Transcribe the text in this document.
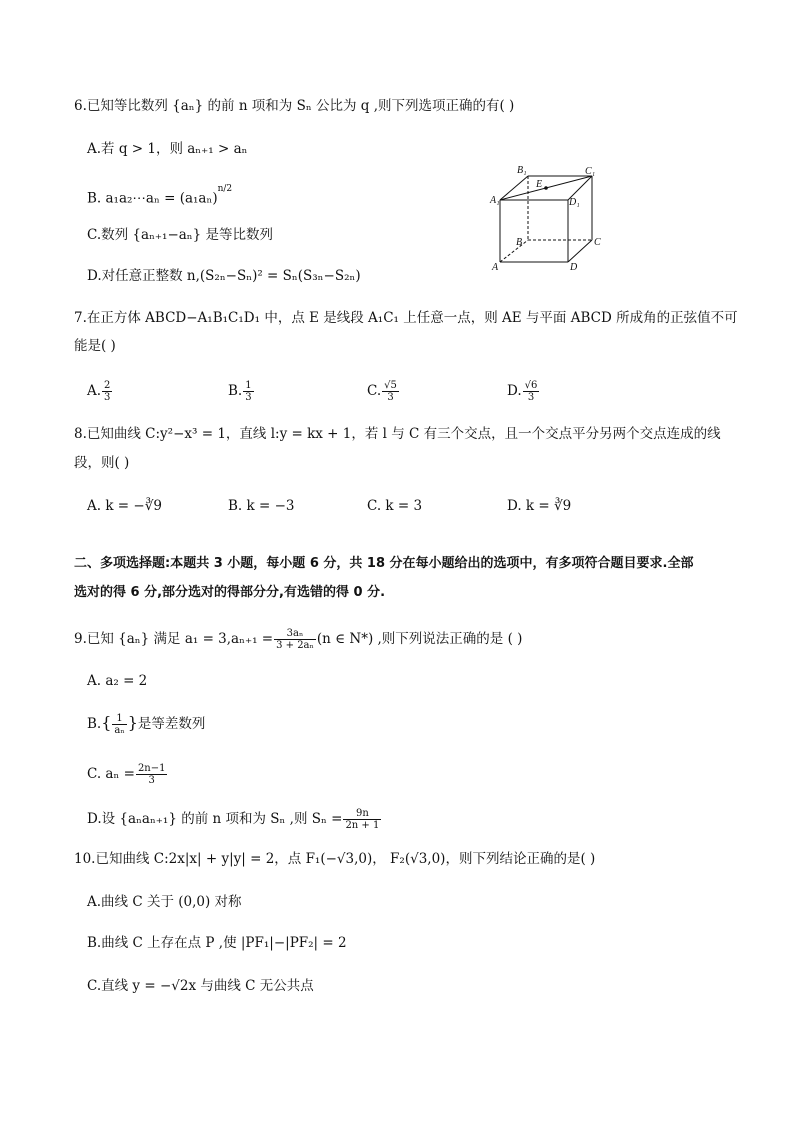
6.已知等比数列 {aₙ} 的前 n 项和为 Sₙ 公比为 q ,则下列选项正确的有( )
A.若 q > 1，则 aₙ₊₁ > aₙ
B. a₁a₂⋯aₙ = $(a_1a_n)^{n/2}$
C.数列 {aₙ₊₁−aₙ} 是等比数列
D.对任意正整数 n,(S₂ₙ−Sₙ)² = Sₙ(S₃ₙ−S₂ₙ)
B₁
E
C₁
A₁	D₁
B	C
A	D
7.在正方体 ABCD−A₁B₁C₁D₁ 中，点 E 是线段 A₁C₁ 上任意一点，则 AE 与平面 ABCD 所成角的正弦值不可
能是( )
A. $\frac{2}{3}$	B. $\frac{1}{3}$	C. $\frac{√5}{3}$	D. $\frac{√6}{3}$
8.已知曲线 C:y²−x³ = 1，直线 l:y = kx + 1，若 l 与 C 有三个交点，且一个交点平分另两个交点连成的线
段，则( )
A. k = −∛9	B. k = −3	C. k = 3	D. k = ∛9
二、多项选择题:本题共 3 小题，每小题 6 分，共 18 分在每小题给出的选项中，有多项符合题目要求.全部
选对的得 6 分,部分选对的得部分分,有选错的得 0 分.
9.已知 {aₙ} 满足 $a_1 = 3,a_{n+1} = \frac{\text{3aₙ}}{\text{3 + 2aₙ}} (n$ ∈ N*) ,则下列说法正确的是 ( )
A. a₂ = 2
$B.\{ \frac{1}{\text{aₙ}}$ }是等差数列
C. $a_n = \frac{2n-1}{3}$
D.设 {aₙaₙ₊₁} 的前 n 项和为 Sₙ ,则 $S_n = \frac{9n}{2n + 1}$
10.已知曲线 C:2x|x| + y|y| = 2，点 F₁(−√3,0)， F₂(√3,0)，则下列结论正确的是( )
A.曲线 C 关于 (0,0) 对称
B.曲线 C 上存在点 P ,使 |PF₁|−|PF₂| = 2
C.直线 y = −√2x 与曲线 C 无公共点
